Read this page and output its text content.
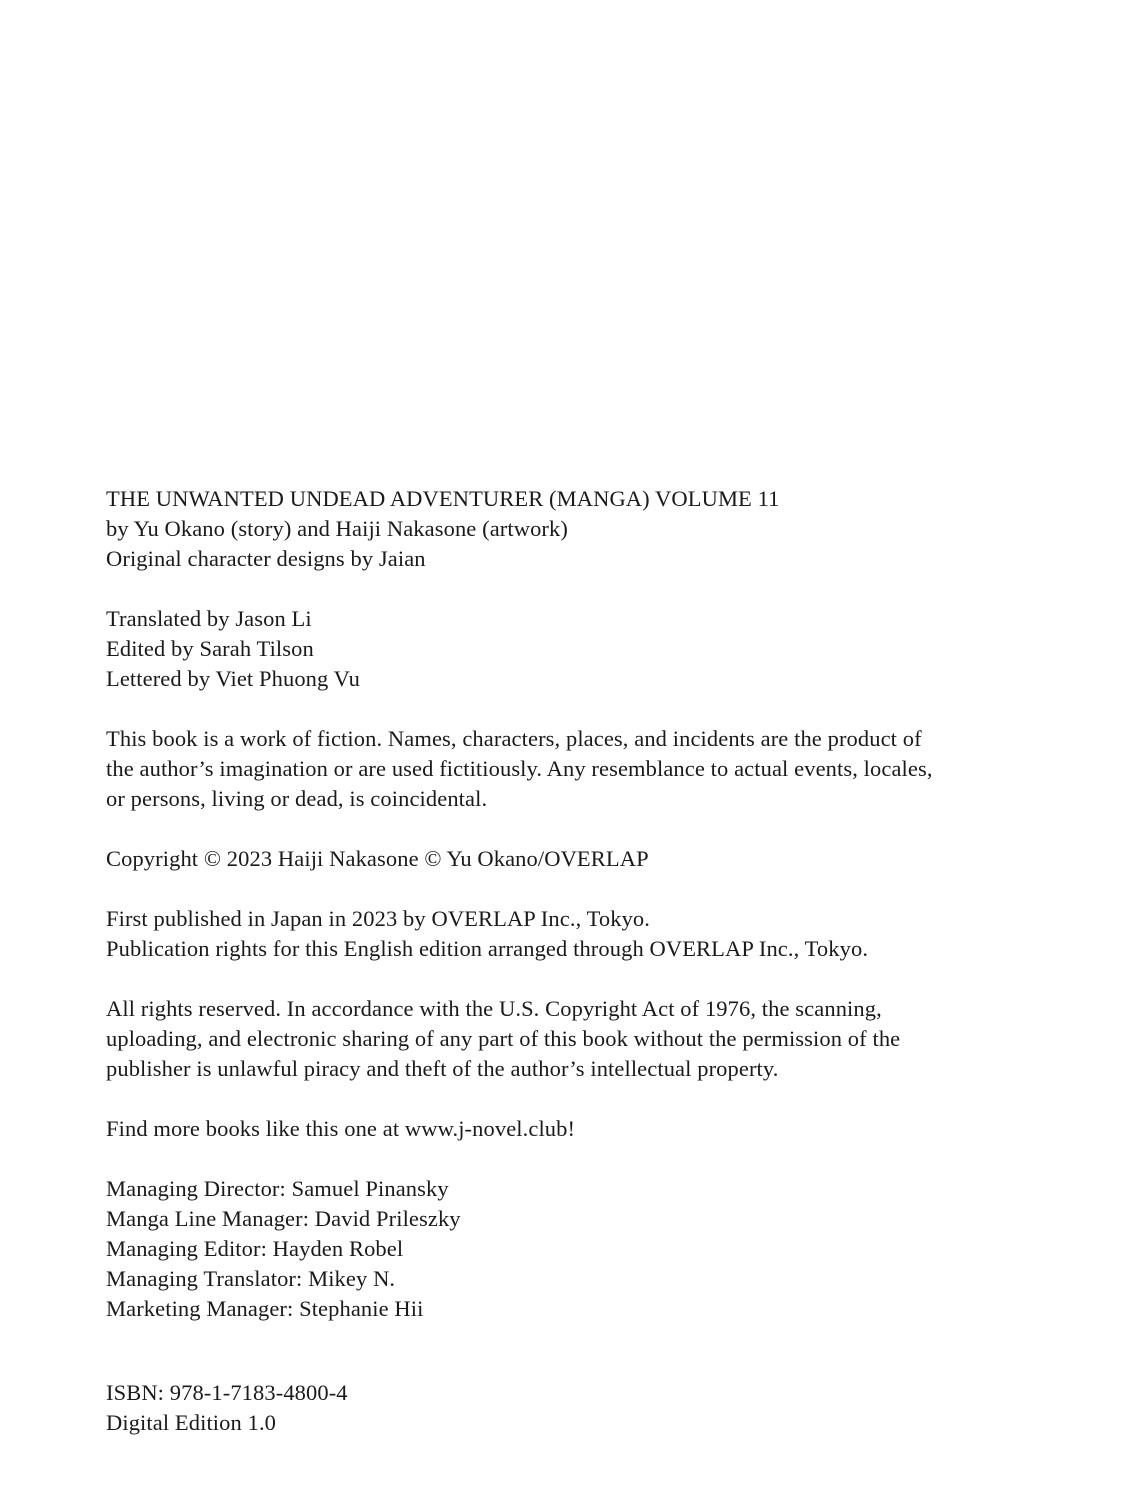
THE UNWANTED UNDEAD ADVENTURER (MANGA) VOLUME 11
by Yu Okano (story) and Haiji Nakasone (artwork)
Original character designs by Jaian
Translated by Jason Li
Edited by Sarah Tilson
Lettered by Viet Phuong Vu
This book is a work of fiction. Names, characters, places, and incidents are the product of
the author’s imagination or are used fictitiously. Any resemblance to actual events, locales,
or persons, living or dead, is coincidental.
Copyright © 2023 Haiji Nakasone © Yu Okano/OVERLAP
First published in Japan in 2023 by OVERLAP Inc., Tokyo.
Publication rights for this English edition arranged through OVERLAP Inc., Tokyo.
All rights reserved. In accordance with the U.S. Copyright Act of 1976, the scanning,
uploading, and electronic sharing of any part of this book without the permission of the
publisher is unlawful piracy and theft of the author’s intellectual property.
Find more books like this one at www.j-novel.club!
Managing Director: Samuel Pinansky
Manga Line Manager: David Prileszky
Managing Editor: Hayden Robel
Managing Translator: Mikey N.
Marketing Manager: Stephanie Hii
ISBN: 978-1-7183-4800-4
Digital Edition 1.0
